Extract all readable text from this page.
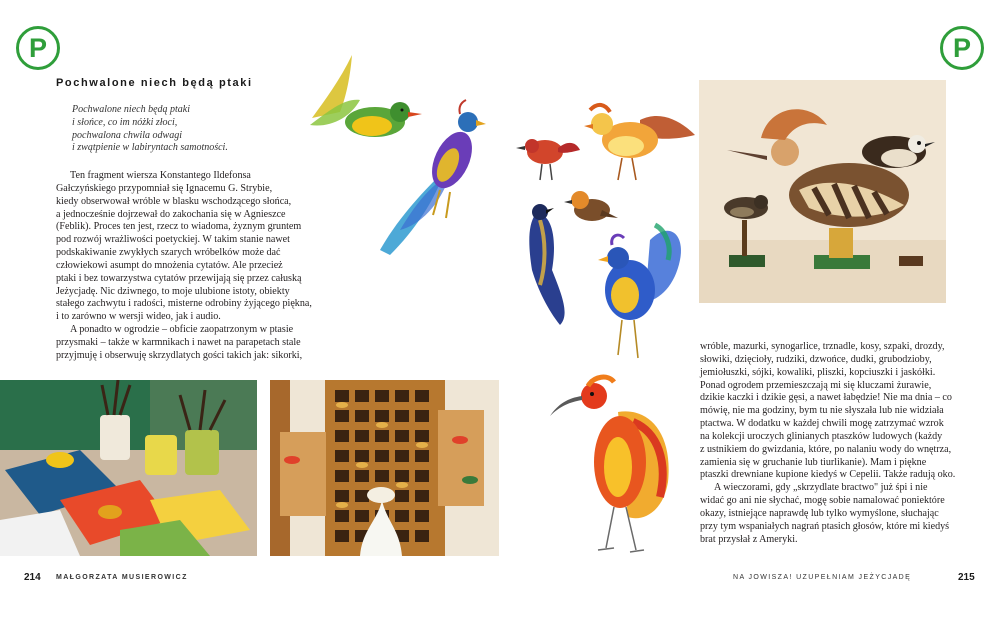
P	P
Pochwalone niech będą ptaki
Pochwalone niech będą ptaki
i słońce, co im nóżki złoci,
pochwalona chwila odwagi
i zwątpienie w labiryntach samotności.
Ten fragment wiersza Konstantego Ildefonsa
Gałczyńskiego przypomniał się Ignacemu G. Strybie,
kiedy obserwował wróble w blasku wschodzącego słońca,
a jednocześnie dojrzewał do zakochania się w Agnieszce
(Feblik). Proces ten jest, rzecz to wiadoma, żyznym gruntem
pod rozwój wrażliwości poetyckiej. W takim stanie nawet
podskakiwanie zwykłych szarych wróbelków może dać
człowiekowi asumpt do mnożenia cytatów. Ale przecież
ptaki i bez towarzystwa cytatów przewijają się przez całuską
Jeżycjadę. Nic dziwnego, to moje ulubione istoty, obiekty
stałego zachwytu i radości, misterne odrobiny żyjącego piękna,
i to zarówno w wersji wideo, jak i audio.
A ponadto w ogrodzie – obficie zaopatrzonym w ptasie
przysmaki – także w karmnikach i nawet na parapetach stale
przyjmuję i obserwuję skrzydlatych gości takich jak: sikorki,
wróble, mazurki, synogarlice, trznadle, kosy, szpaki, drozdy,
słowiki, dzięcioły, rudziki, dzwońce, dudki, grubodzioby,
jemiołuszki, sójki, kowaliki, pliszki, kopciuszki i jaskółki.
Ponad ogrodem przemieszczają mi się kluczami żurawie,
dzikie kaczki i dzikie gęsi, a nawet łabędzie! Nie ma dnia – co
mówię, nie ma godziny, bym tu nie słyszała lub nie widziała
ptactwa. W dodatku w każdej chwili mogę zatrzymać wzrok
na kolekcji uroczych glinianych ptaszków ludowych (każdy
z ustnikiem do gwizdania, które, po nalaniu wody do wnętrza,
zamienia się w gruchanie lub tiurlikanie). Mam i piękne
ptaszki drewniane kupione kiedyś w Cepelii. Także radują oko.
A wieczorami, gdy „skrzydlate bractwo" już śpi i nie
widać go ani nie słychać, mogę sobie namalować poniektóre
okazy, istniejące naprawdę lub tylko wymyślone, słuchając
przy tym wspaniałych nagrań ptasich głosów, które mi kiedyś
brat przysłał z Ameryki.
214 MAŁGORZATA MUSIEROWICZ	NA JOWISZA! UZUPEŁNIAM JEŻYCJADĘ	215
